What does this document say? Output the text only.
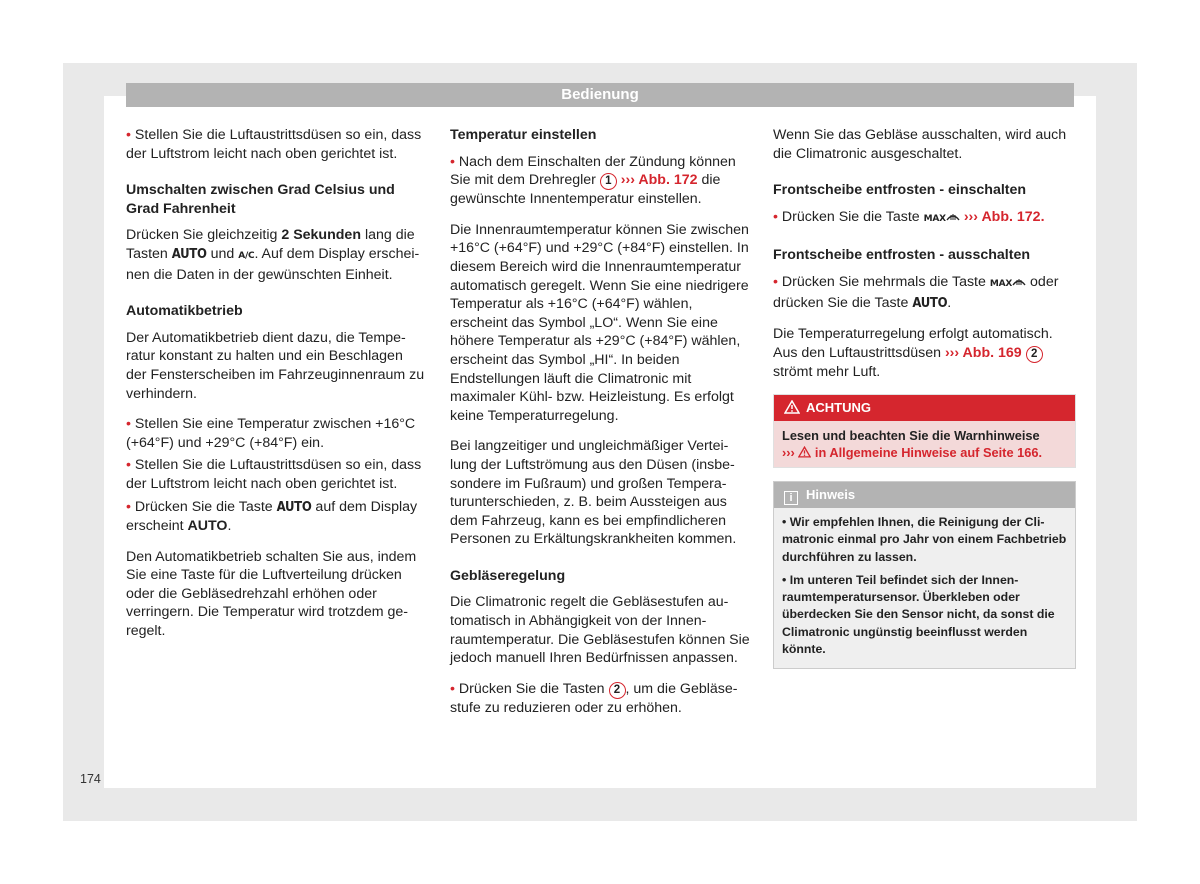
Bedienung

• Stellen Sie die Luftaustrittsdüsen so ein, dass der Luftstrom leicht nach oben gerichtet ist.

Umschalten zwischen Grad Celsius und Grad Fahrenheit

Drücken Sie gleichzeitig 2 Sekunden lang die Tasten AUTO und A/C. Auf dem Display erscheinen die Daten in der gewünschten Einheit.

Automatikbetrieb

Der Automatikbetrieb dient dazu, die Temperatur konstant zu halten und ein Beschlagen der Fensterscheiben im Fahrzeuginnenraum zu verhindern.

• Stellen Sie eine Temperatur zwischen +16°C (+64°F) und +29°C (+84°F) ein.

• Stellen Sie die Luftaustrittsdüsen so ein, dass der Luftstrom leicht nach oben gerichtet ist.

• Drücken Sie die Taste AUTO auf dem Display erscheint AUTO.

Den Automatikbetrieb schalten Sie aus, indem Sie eine Taste für die Luftverteilung drücken oder die Gebläsedrehzahl erhöhen oder verringern. Die Temperatur wird trotzdem geregelt.

Temperatur einstellen

• Nach dem Einschalten der Zündung können Sie mit dem Drehregler 1 ››› Abb. 172 die gewünschte Innentemperatur einstellen.

Die Innenraumtemperatur können Sie zwischen +16°C (+64°F) und +29°C (+84°F) einstellen. In diesem Bereich wird die Innenraumtemperatur automatisch geregelt. Wenn Sie eine niedrigere Temperatur als +16°C (+64°F) wählen, erscheint das Symbol „LO“. Wenn Sie eine höhere Temperatur als +29°C (+84°F) wählen, erscheint das Symbol „HI“. In beiden Endstellungen läuft die Climatronic mit maximaler Kühl- bzw. Heizleistung. Es erfolgt keine Temperaturregelung.

Bei langzeitiger und ungleichmäßiger Verteilung der Luftströmung aus den Düsen (insbesondere im Fußraum) und großen Temperaturunterschieden, z. B. beim Aussteigen aus dem Fahrzeug, kann es bei empfindlicheren Personen zu Erkältungskrankheiten kommen.

Gebläseregelung

Die Climatronic regelt die Gebläsestufen automatisch in Abhängigkeit von der Innenraumtemperatur. Die Gebläsestufen können Sie jedoch manuell Ihren Bedürfnissen anpassen.

• Drücken Sie die Tasten 2 , um die Gebläsestufe zu reduzieren oder zu erhöhen.

Wenn Sie das Gebläse ausschalten, wird auch die Climatronic ausgeschaltet.

Frontscheibe entfrosten - einschalten

• Drücken Sie die Taste MAX﻿ ››› Abb. 172.

Frontscheibe entfrosten - ausschalten

• Drücken Sie mehrmals die Taste MAX oder drücken Sie die Taste AUTO.

Die Temperaturregelung erfolgt automatisch. Aus den Luftaustrittsdüsen ››› Abb. 169 2
strömt mehr Luft.

ACHTUNG
Lesen und beachten Sie die Warnhinweise
›››  in Allgemeine Hinweise auf Seite 166.
i Hinweis

• Wir empfehlen Ihnen, die Reinigung der Climatronic einmal pro Jahr von einem Fachbetrieb durchführen zu lassen.

• Im unteren Teil befindet sich der Innenraumtemperatursensor. Überkleben oder überdecken Sie den Sensor nicht, da sonst die Climatronic ungünstig beeinflusst werden könnte.

174
